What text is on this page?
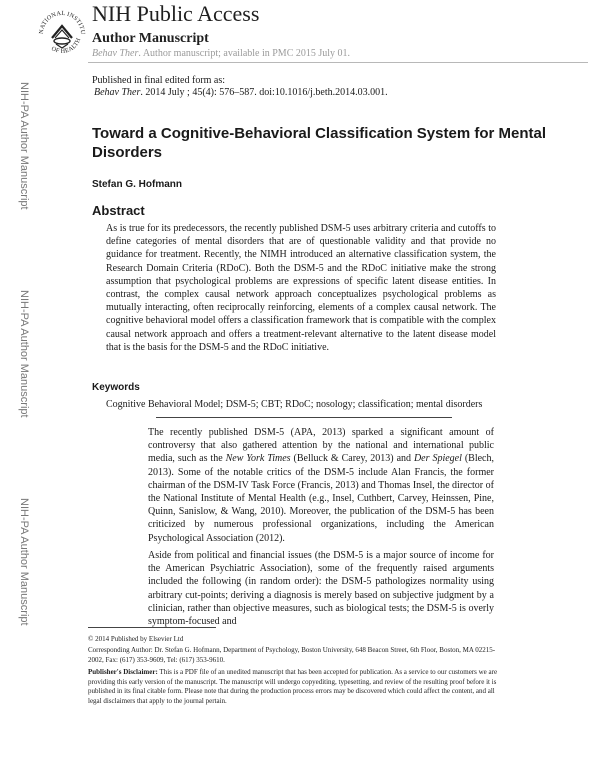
NATIONAL INSTITU
OF HEALTH
NIH Public Access
Author Manuscript
Behav Ther. Author manuscript; available in PMC 2015 July 01.
Published in final edited form as:
Behav Ther. 2014 July ; 45(4): 576–587. doi:10.1016/j.beth.2014.03.001.
NIH-PA Author Manuscript
NIH-PA Author Manuscript
NIH-PA Author Manuscript
Toward a Cognitive-Behavioral Classification System for Mental Disorders
Stefan G. Hofmann
Abstract
As is true for its predecessors, the recently published DSM-5 uses arbitrary criteria and cutoffs to define categories of mental disorders that are of questionable validity and that provide no guidance for treatment. Recently, the NIMH introduced an alternative classification system, the Research Domain Criteria (RDoC). Both the DSM-5 and the RDoC initiative make the strong assumption that psychological problems are expressions of specific latent disease entities. In contrast, the complex causal network approach conceptualizes psychological problems as mutually interacting, often reciprocally reinforcing, elements of a complex causal network. The cognitive behavioral model offers a classification framework that is compatible with the complex causal network approach and offers a treatment-relevant alternative to the latent disease model that is the basis for the DSM-5 and the RDoC initiative.
Keywords
Cognitive Behavioral Model; DSM-5; CBT; RDoC; nosology; classification; mental disorders
The recently published DSM-5 (APA, 2013) sparked a significant amount of controversy that also gathered attention by the national and international public media, such as the New York Times (Belluck & Carey, 2013) and Der Spiegel (Blech, 2013). Some of the notable critics of the DSM-5 include Alan Francis, the former chairman of the DSM-IV Task Force (Francis, 2013) and Thomas Insel, the director of the National Institute of Mental Health (e.g., Insel, Cuthbert, Carvey, Heinssen, Pine, Quinn, Sanislow, & Wang, 2010). Moreover, the publication of the DSM-5 has been criticized by numerous professional organizations, including the American Psychological Association (2012).
Aside from political and financial issues (the DSM-5 is a major source of income for the American Psychiatric Association), some of the frequently raised arguments included the following (in random order): the DSM-5 pathologizes normality using arbitrary cut-points; deriving a diagnosis is merely based on subjective judgment by a clinician, rather than objective measures, such as biological tests; the DSM-5 is overly symptom-focused and
© 2014 Published by Elsevier Ltd
Corresponding Author: Dr. Stefan G. Hofmann, Department of Psychology, Boston University, 648 Beacon Street, 6th Floor, Boston, MA 02215-2002, Fax: (617) 353-9609, Tel: (617) 353-9610.
Publisher's Disclaimer: This is a PDF file of an unedited manuscript that has been accepted for publication. As a service to our customers we are providing this early version of the manuscript. The manuscript will undergo copyediting, typesetting, and review of the resulting proof before it is published in its final citable form. Please note that during the production process errors may be discovered which could affect the content, and all legal disclaimers that apply to the journal pertain.
